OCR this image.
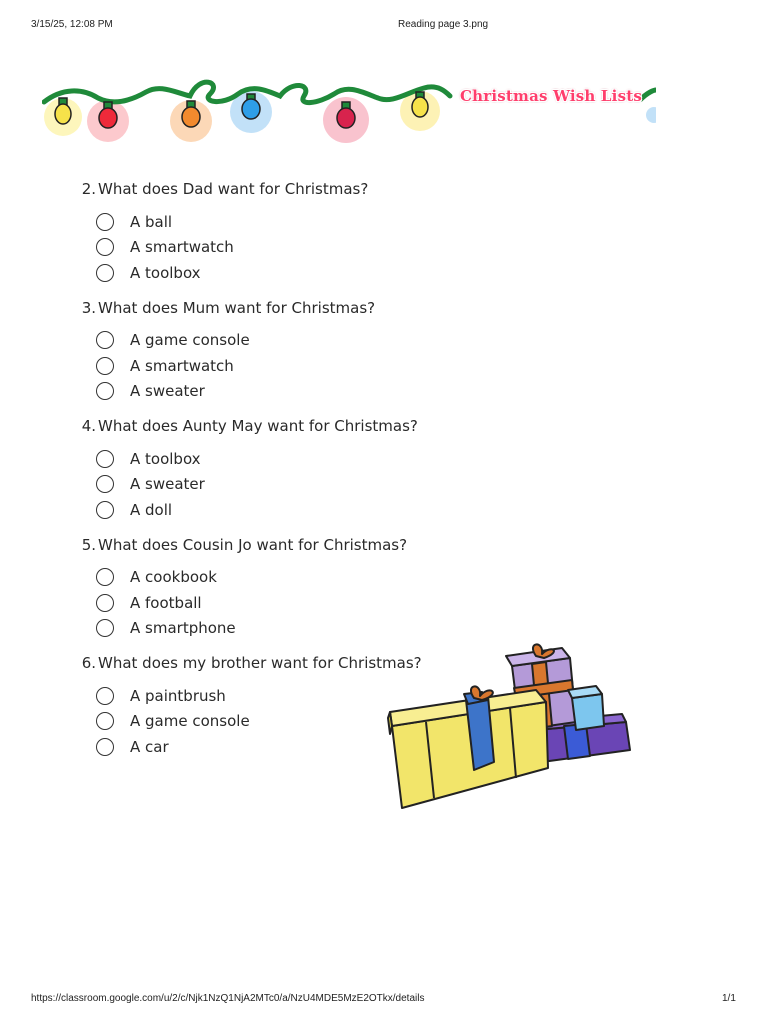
3/15/25, 12:08 PM	Reading page 3.png
Christmas Wish Lists
2. What does Dad want for Christmas?
A ball
A smartwatch
A toolbox
3. What does Mum want for Christmas?
A game console
A smartwatch
A sweater
4. What does Aunty May want for Christmas?
A toolbox
A sweater
A doll
5. What does Cousin Jo want for Christmas?
A cookbook
A football
A smartphone
6. What does my brother want for Christmas?
A paintbrush
A game console
A car
https://classroom.google.com/u/2/c/Njk1NzQ1NjA2MTc0/a/NzU4MDE5MzE2OTkx/details	1/1
